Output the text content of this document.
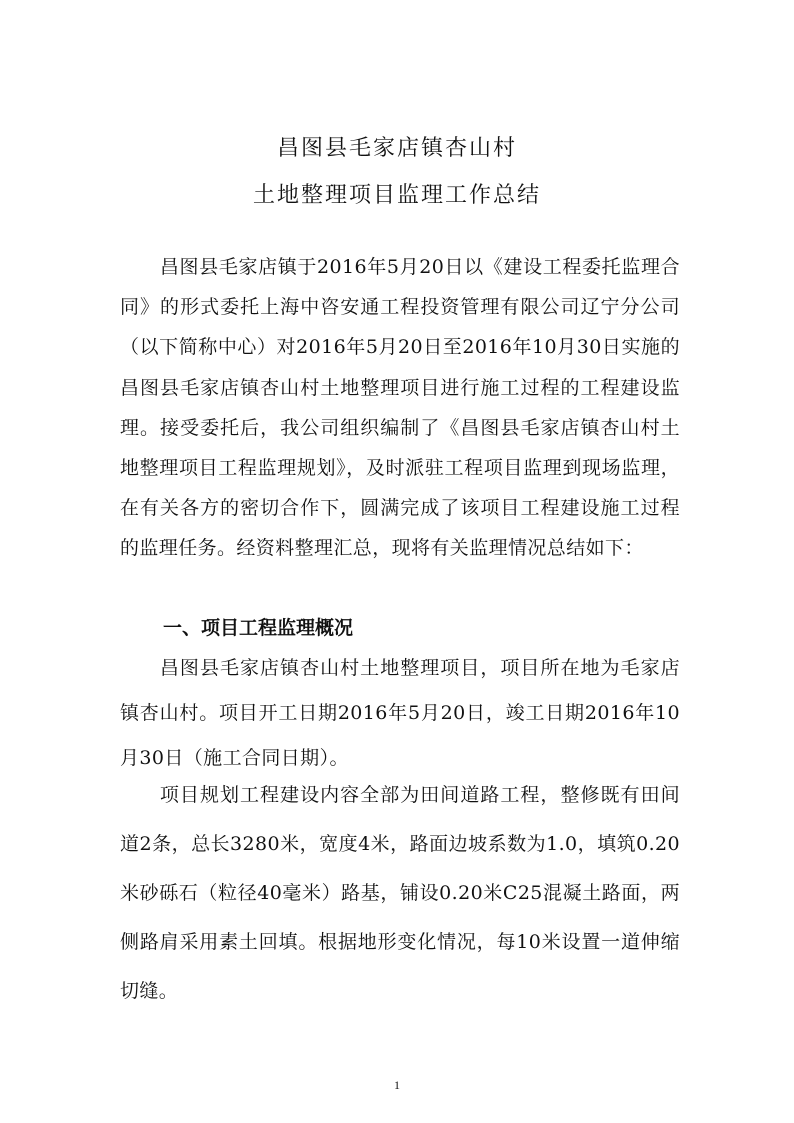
昌图县毛家店镇杏山村
土地整理项目监理工作总结

昌图县毛家店镇于2016年5月20日以《建设工程委托监理合同》的形式委托上海中咨安通工程投资管理有限公司辽宁分公司（以下简称中心）对2016年5月20日至2016年10月30日实施的昌图县毛家店镇杏山村土地整理项目进行施工过程的工程建设监理。接受委托后，我公司组织编制了《昌图县毛家店镇杏山村土地整理项目工程监理规划》，及时派驻工程项目监理到现场监理，在有关各方的密切合作下，圆满完成了该项目工程建设施工过程的监理任务。经资料整理汇总，现将有关监理情况总结如下：

一、项目工程监理概况

昌图县毛家店镇杏山村土地整理项目，项目所在地为毛家店镇杏山村。项目开工日期2016年5月20日，竣工日期2016年10月30日（施工合同日期）。

项目规划工程建设内容全部为田间道路工程，整修既有田间道2条，总长3280米，宽度4米，路面边坡系数为1.0，填筑0.20米砂砾石（粒径40毫米）路基，铺设0.20米C25混凝土路面，两侧路肩采用素土回填。根据地形变化情况，每10米设置一道伸缩切缝。

1
